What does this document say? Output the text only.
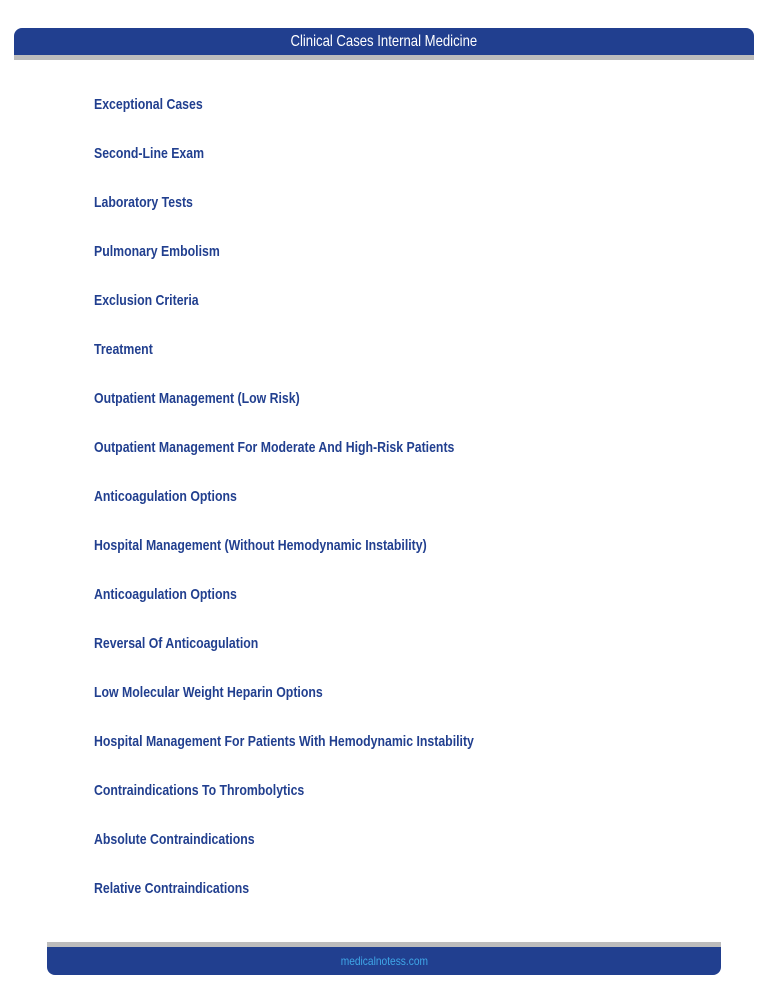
Clinical Cases Internal Medicine
Exceptional Cases
Second-Line Exam
Laboratory Tests
Pulmonary Embolism
Exclusion Criteria
Treatment
Outpatient Management (Low Risk)
Outpatient Management For Moderate And High-Risk Patients
Anticoagulation Options
Hospital Management (Without Hemodynamic Instability)
Anticoagulation Options
Reversal Of Anticoagulation
Low Molecular Weight Heparin Options
Hospital Management For Patients With Hemodynamic Instability
Contraindications To Thrombolytics
Absolute Contraindications
Relative Contraindications
medicalnotess.com
